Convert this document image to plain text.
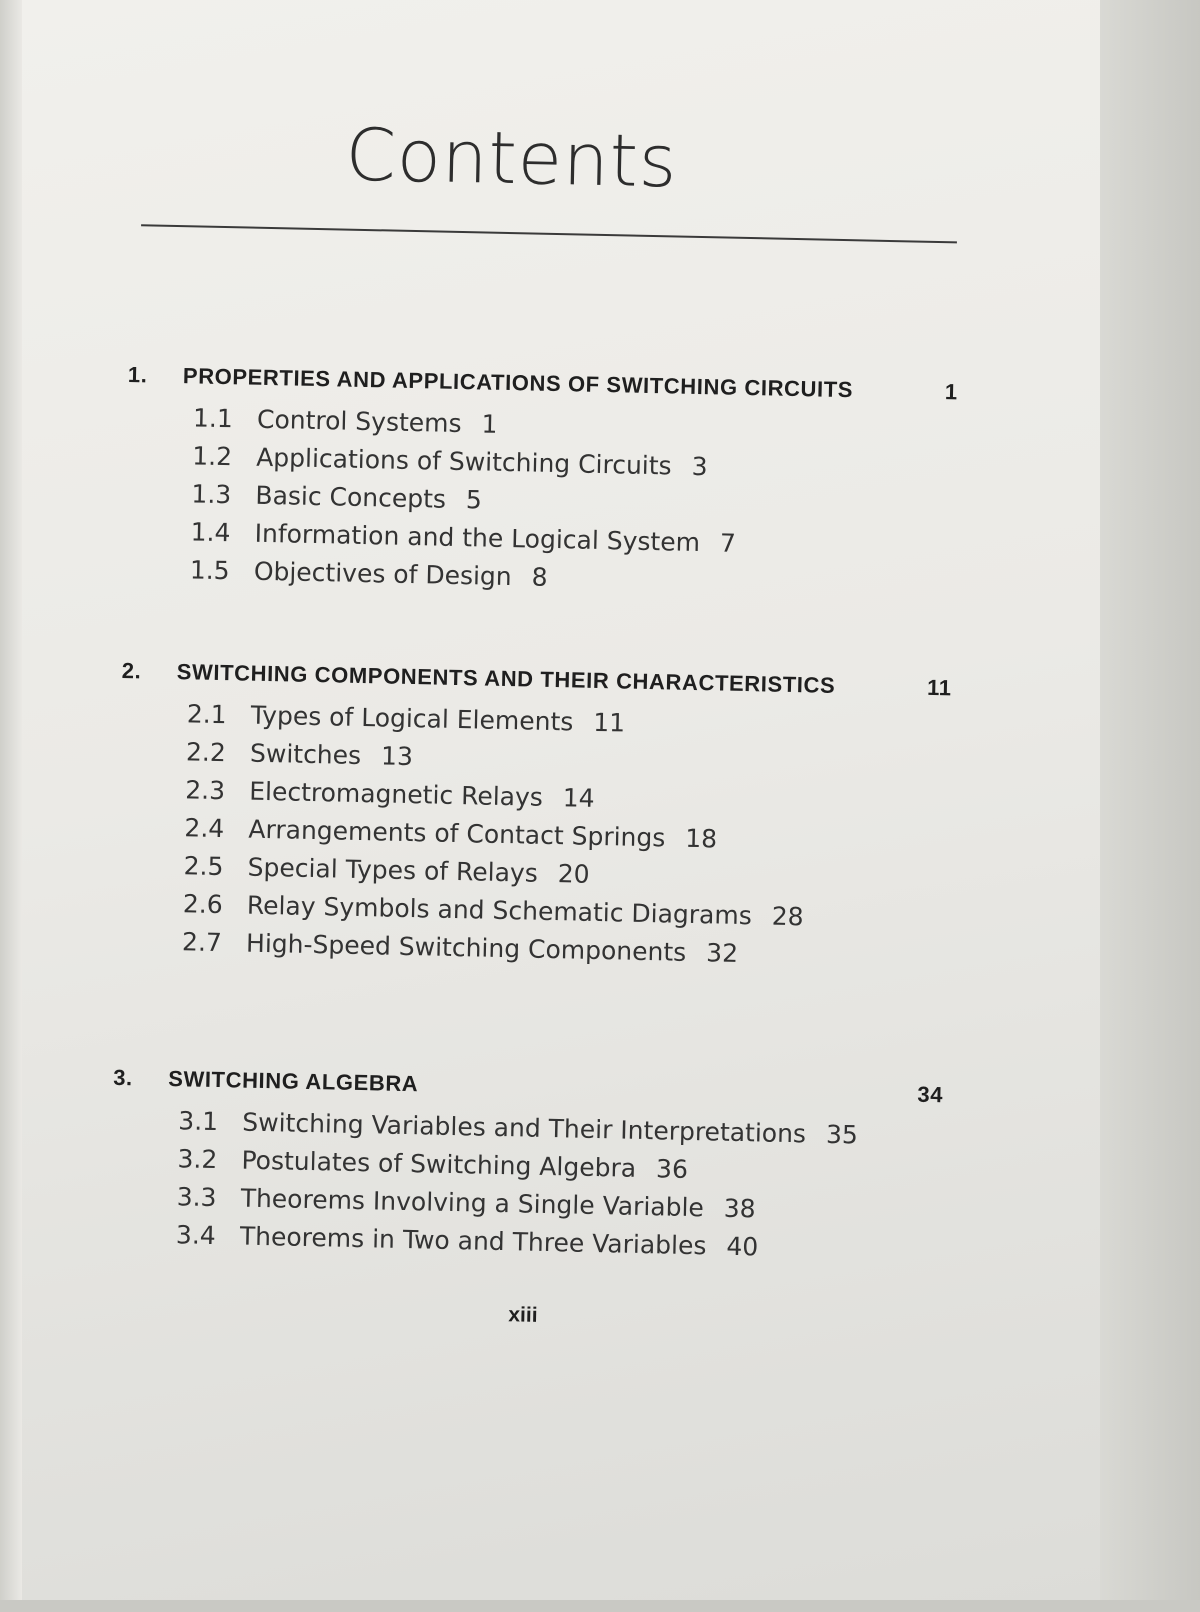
Contents
1. PROPERTIES AND APPLICATIONS OF SWITCHING CIRCUITS	1
1.1 Control Systems 1
1.2 Applications of Switching Circuits 3
1.3 Basic Concepts 5
1.4 Information and the Logical System 7
1.5 Objectives of Design 8
2. SWITCHING COMPONENTS AND THEIR CHARACTERISTICS	11
2.1 Types of Logical Elements 11
2.2 Switches 13
2.3 Electromagnetic Relays 14
2.4 Arrangements of Contact Springs 18
2.5 Special Types of Relays 20
2.6 Relay Symbols and Schematic Diagrams 28
2.7 High-Speed Switching Components 32
3. SWITCHING ALGEBRA	34
3.1 Switching Variables and Their Interpretations 35
3.2 Postulates of Switching Algebra 36
3.3 Theorems Involving a Single Variable 38
3.4 Theorems in Two and Three Variables 40
xiii
